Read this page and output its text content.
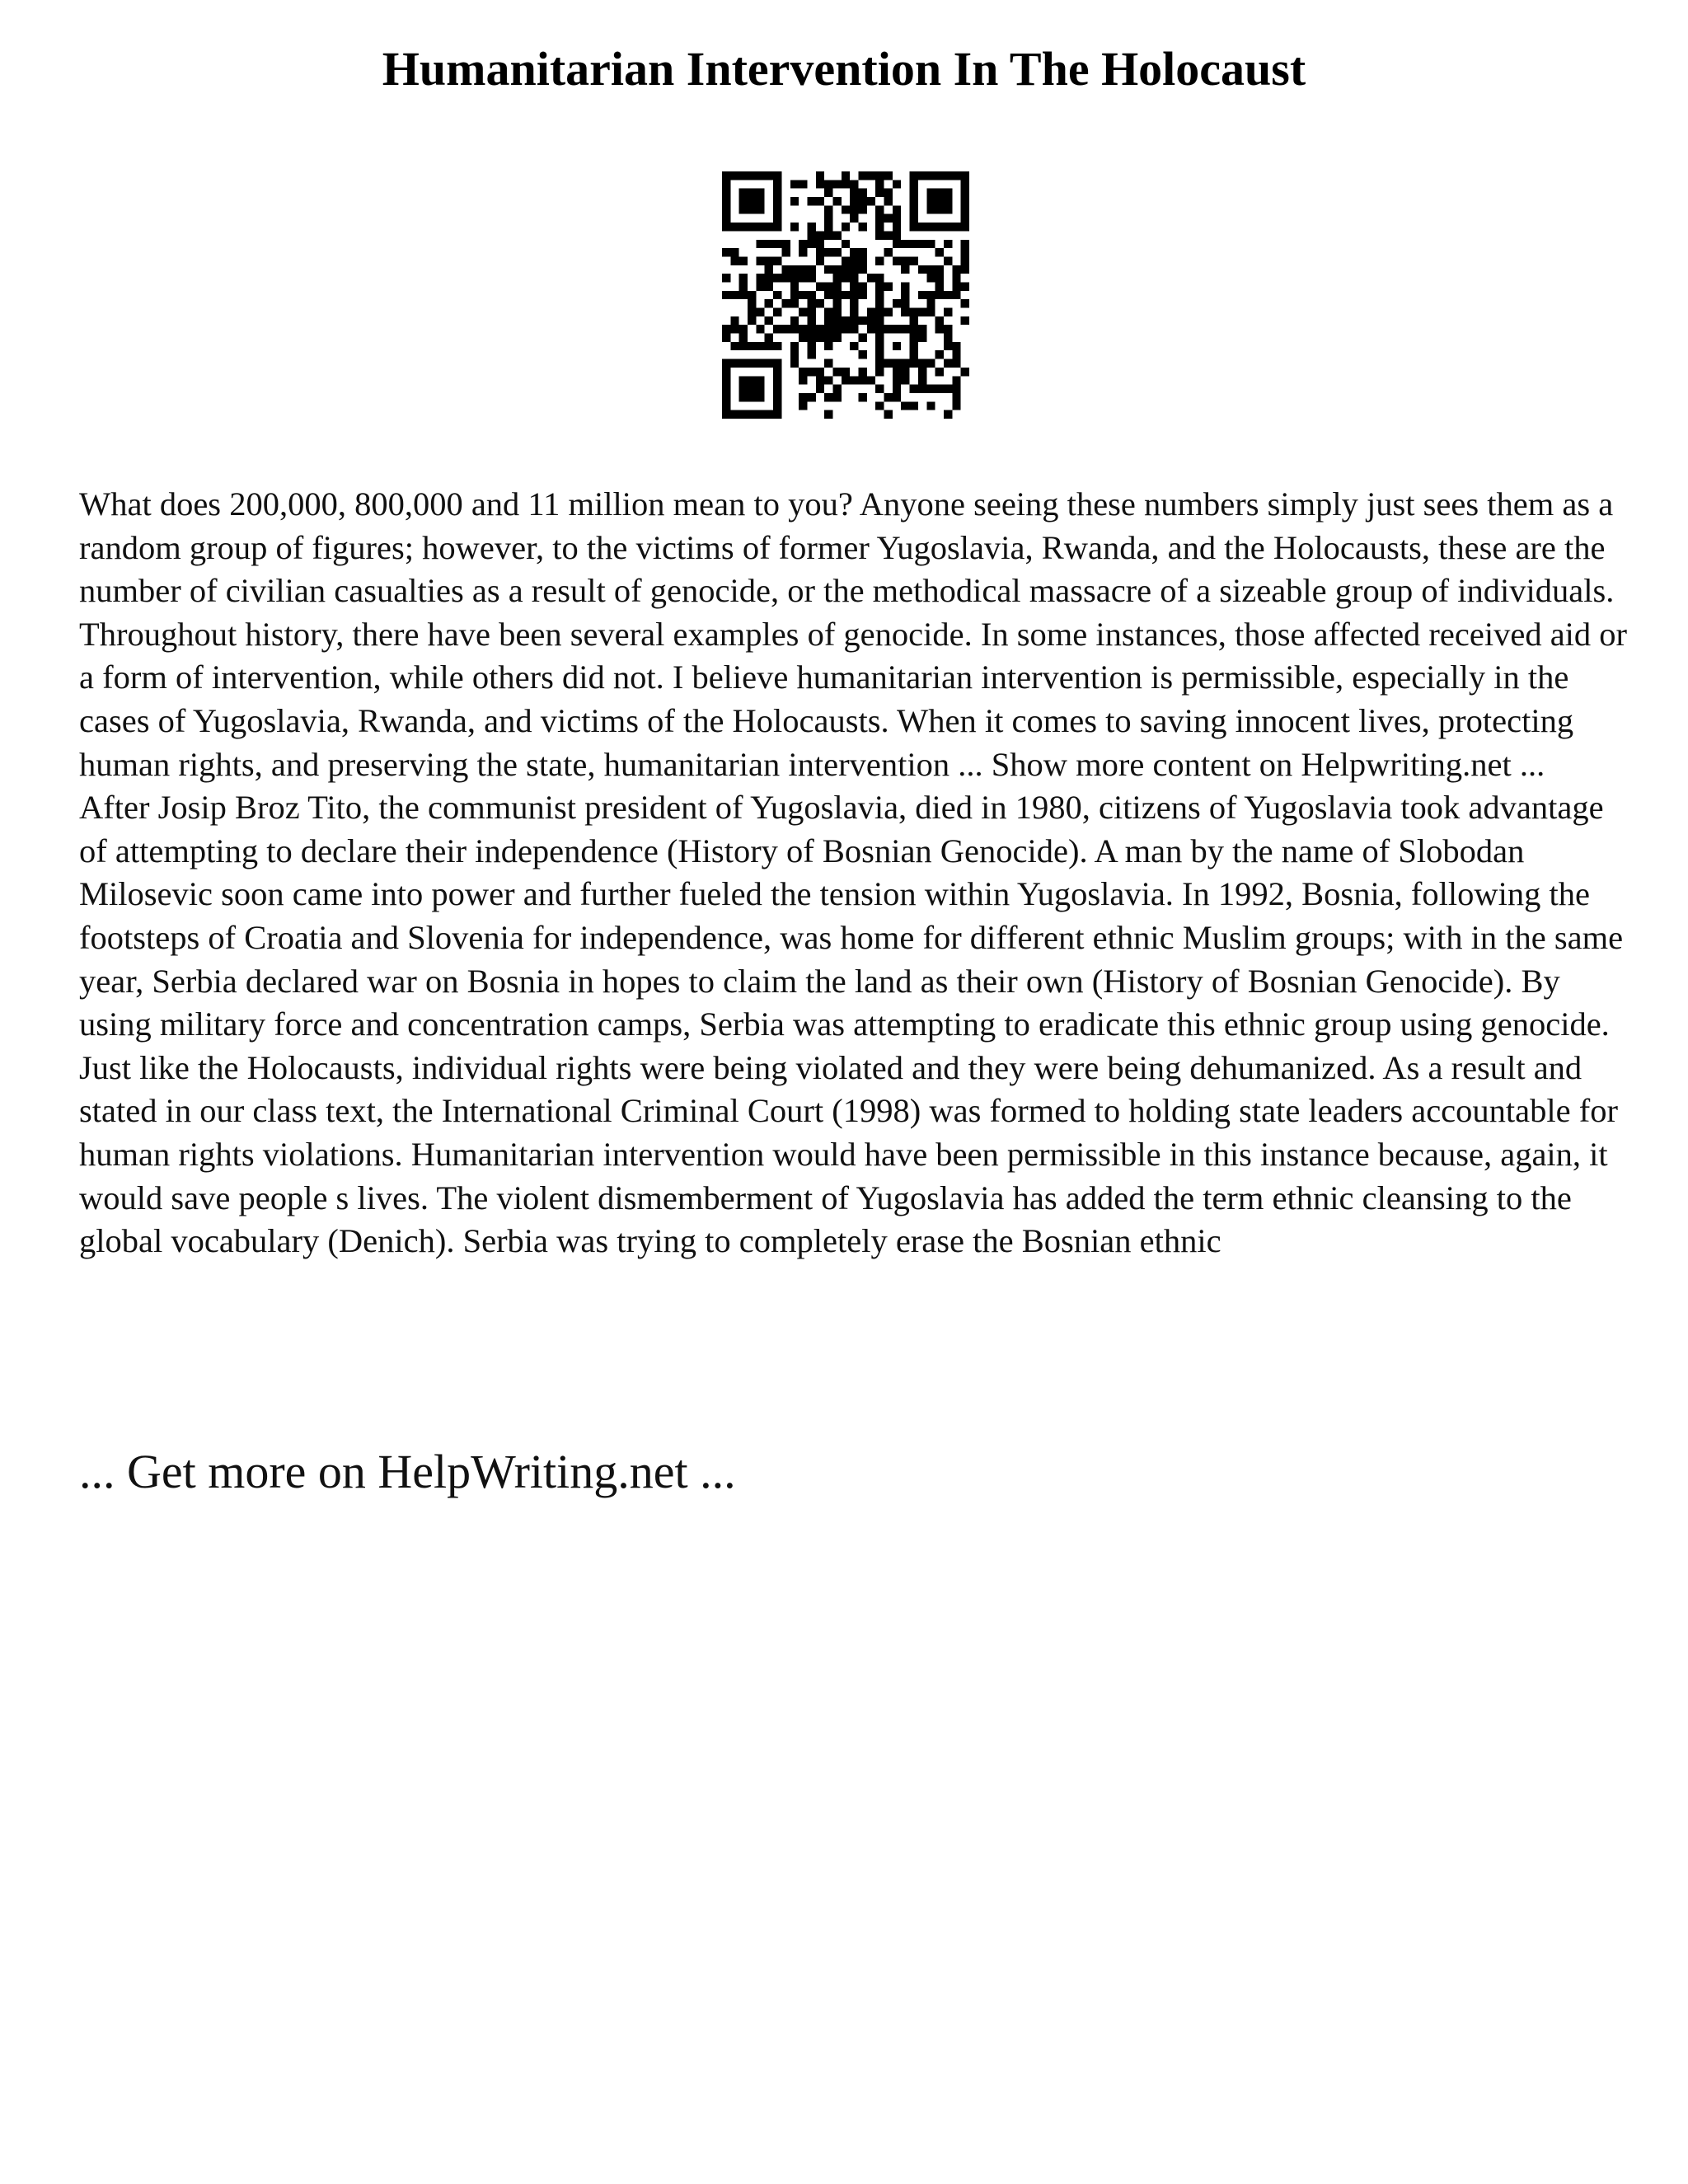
Humanitarian Intervention In The Holocaust

What does 200,000, 800,000 and 11 million mean to you? Anyone seeing these numbers simply just sees them as a random group of figures; however, to the victims of former Yugoslavia, Rwanda, and the Holocausts, these are the number of civilian casualties as a result of genocide, or the methodical massacre of a sizeable group of individuals. Throughout history, there have been several examples of genocide. In some instances, those affected received aid or a form of intervention, while others did not. I believe humanitarian intervention is permissible, especially in the cases of Yugoslavia, Rwanda, and victims of the Holocausts. When it comes to saving innocent lives, protecting human rights, and preserving the state, humanitarian intervention ... Show more content on Helpwriting.net ...

After Josip Broz Tito, the communist president of Yugoslavia, died in 1980, citizens of Yugoslavia took advantage of attempting to declare their independence (History of Bosnian Genocide). A man by the name of Slobodan Milosevic soon came into power and further fueled the tension within Yugoslavia. In 1992, Bosnia, following the footsteps of Croatia and Slovenia for independence, was home for different ethnic Muslim groups; with in the same year, Serbia declared war on Bosnia in hopes to claim the land as their own (History of Bosnian Genocide). By using military force and concentration camps, Serbia was attempting to eradicate this ethnic group using genocide. Just like the Holocausts, individual rights were being violated and they were being dehumanized. As a result and stated in our class text, the International Criminal Court (1998) was formed to holding state leaders accountable for human rights violations. Humanitarian intervention would have been permissible in this instance because, again, it would save people s lives. The violent dismemberment of Yugoslavia has added the term ethnic cleansing to the global vocabulary (Denich). Serbia was trying to completely erase the Bosnian ethnic

... Get more on HelpWriting.net ...
